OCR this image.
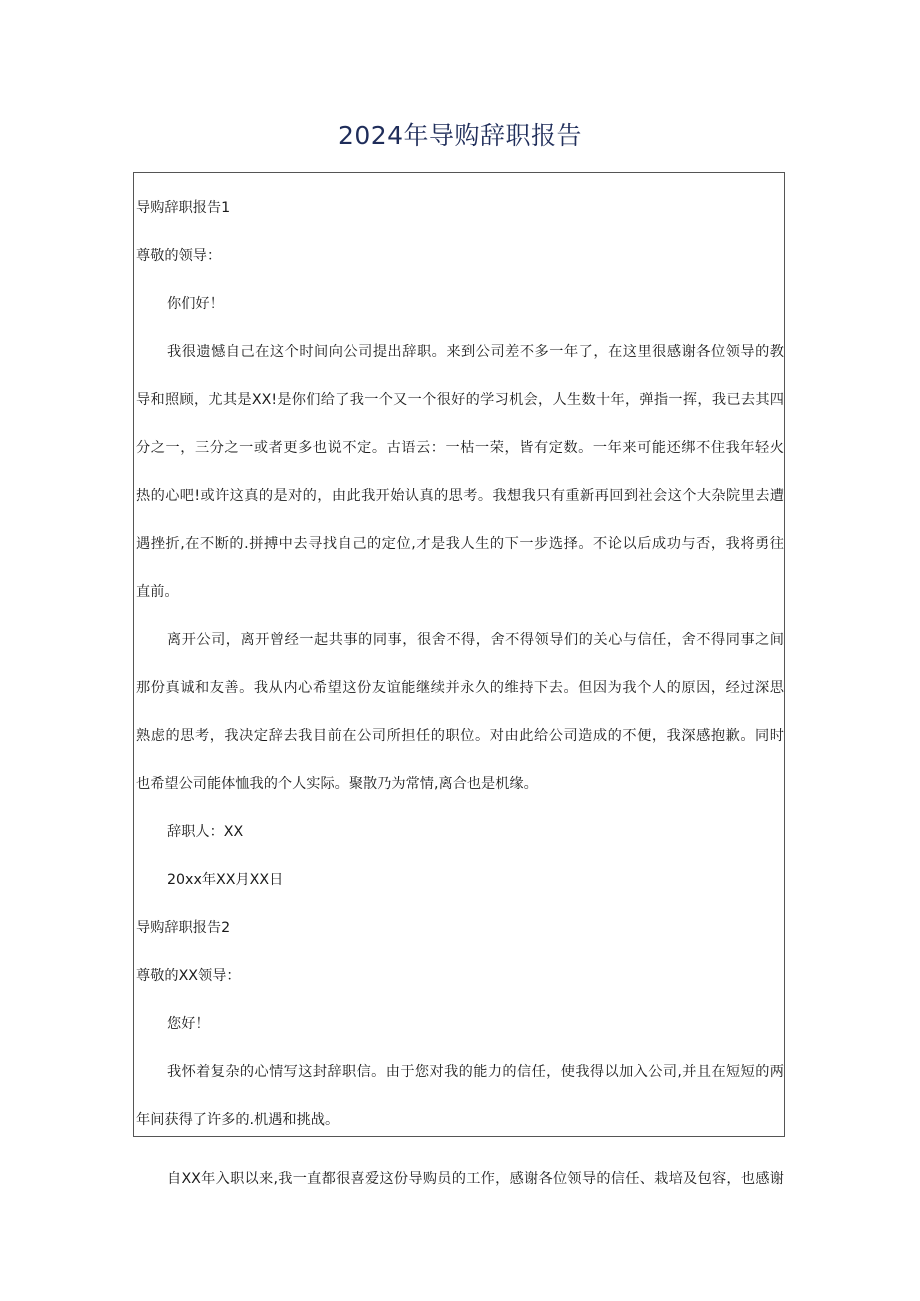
2024年导购辞职报告

导购辞职报告1

尊敬的领导：

你们好！

我很遗憾自己在这个时间向公司提出辞职。来到公司差不多一年了，在这里很感谢各位领导的教

导和照顾，尤其是XX!是你们给了我一个又一个很好的学习机会，人生数十年，弹指一挥，我已去其四

分之一，三分之一或者更多也说不定。古语云：一枯一荣，皆有定数。一年来可能还绑不住我年轻火

热的心吧!或许这真的是对的，由此我开始认真的思考。我想我只有重新再回到社会这个大杂院里去遭

遇挫折,在不断的.拼搏中去寻找自己的定位,才是我人生的下一步选择。不论以后成功与否，我将勇往

直前。

离开公司，离开曾经一起共事的同事，很舍不得，舍不得领导们的关心与信任，舍不得同事之间

那份真诚和友善。我从内心希望这份友谊能继续并永久的维持下去。但因为我个人的原因，经过深思

熟虑的思考，我决定辞去我目前在公司所担任的职位。对由此给公司造成的不便，我深感抱歉。同时

也希望公司能体恤我的个人实际。聚散乃为常情,离合也是机缘。

辞职人：XX

20xx年XX月XX日

导购辞职报告2

尊敬的XX领导：

您好！

我怀着复杂的心情写这封辞职信。由于您对我的能力的信任，使我得以加入公司,并且在短短的两

年间获得了许多的.机遇和挑战。

自XX年入职以来,我一直都很喜爱这份导购员的工作，感谢各位领导的信任、栽培及包容，也感谢
